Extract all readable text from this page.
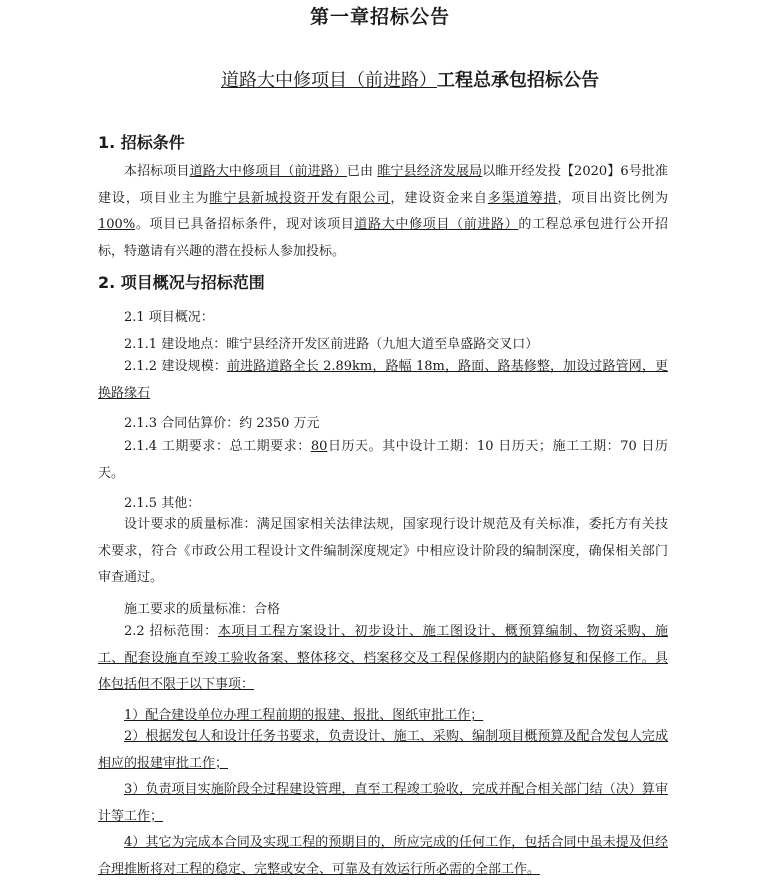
第一章招标公告
道路大中修项目（前进路）工程总承包招标公告
1. 招标条件
本招标项目道路大中修项目（前进路）已由 睢宁县经济发展局以睢开经发投【2020】6号批准建设，项目业主为睢宁县新城投资开发有限公司，建设资金来自多渠道筹措，项目出资比例为100%。项目已具备招标条件，现对该项目道路大中修项目（前进路）的工程总承包进行公开招标，特邀请有兴趣的潜在投标人参加投标。
2. 项目概况与招标范围
2.1 项目概况：
2.1.1 建设地点：睢宁县经济开发区前进路（九旭大道至阜盛路交叉口）
2.1.2 建设规模：前进路道路全长 2.89km，路幅 18m，路面、路基修整，加设过路管网，更换路缘石
2.1.3 合同估算价：约 2350 万元
2.1.4 工期要求：总工期要求：80日历天。其中设计工期：10 日历天；施工工期：70 日历天。
2.1.5 其他：
设计要求的质量标准：满足国家相关法律法规，国家现行设计规范及有关标准，委托方有关技术要求，符合《市政公用工程设计文件编制深度规定》中相应设计阶段的编制深度，确保相关部门审查通过。
施工要求的质量标准：合格
2.2 招标范围：本项目工程方案设计、初步设计、施工图设计、概预算编制、物资采购、施工、配套设施直至竣工验收备案、整体移交、档案移交及工程保修期内的缺陷修复和保修工作。具体包括但不限于以下事项：
1）配合建设单位办理工程前期的报建、报批、图纸审批工作；
2）根据发包人和设计任务书要求，负责设计、施工、采购、编制项目概预算及配合发包人完成相应的报建审批工作；
3）负责项目实施阶段全过程建设管理，直至工程竣工验收，完成并配合相关部门结（决）算审计等工作；
4）其它为完成本合同及实现工程的预期目的，所应完成的任何工作，包括合同中虽未提及但经合理推断将对工程的稳定、完整或安全、可靠及有效运行所必需的全部工作。
